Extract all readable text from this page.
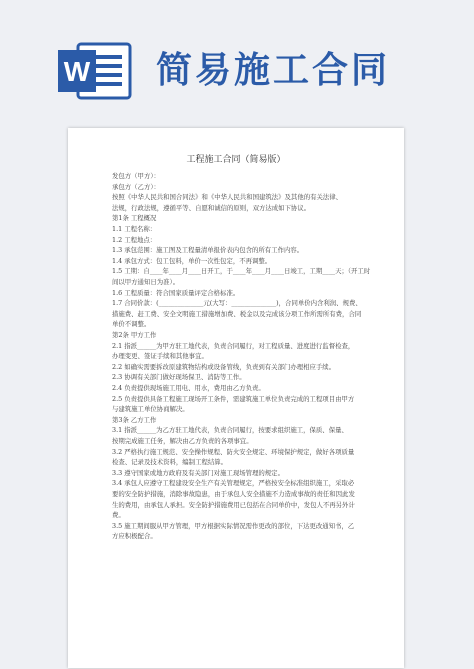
W 简易施工合同
工程施工合同（简易版）
发包方（甲方）：
承包方（乙方）：
按照《中华人民共和国合同法》和《中华人民共和国建筑法》及其他的有关法律、
法规，行政法规，遵循平等、自愿和诚信的原则，双方达成如下协议。
第1条 工程概况
1.1 工程名称：
1.2 工程地点：
1.3 承包范围：施工图及工程量清单报价表内包含的所有工作内容。
1.4 承包方式：包工包料，单价一次性包定，不再调整。
1.5 工期：自____年____月____日开工，于____年____月____日竣工，工期____天；（开工时
间以甲方通知日为准）。
1.6 工程质量：符合国家质量评定合格标准。
1.7 合同价款：(______________元(大写：______________)，合同单价内含利润、规费、
措施费、赶工费、安全文明施工措施增加费、税金以及完成该分项工作所需所有费，合同
单价不调整。
第2条 甲方工作
2.1 指派______为甲方驻工地代表，负责合同履行，对工程质量、进度进行监督检查，
办理变更、签证手续和其他事宜。
2.2 如确实需要拆改原建筑物结构或设备管线，负责到有关部门办理相应手续。
2.3 协调有关部门做好现场保卫、消防等工作。
2.4 负责提供现场施工用电、用水，费用由乙方负责。
2.5 负责提供具备工程施工现场开工条件，需建筑施工单位负责完成的工程项目由甲方
与建筑施工单位协商解决。
第3条 乙方工作
3.1 指派______为乙方驻工地代表，负责合同履行，按要求组织施工，保质、保量、
按期完成施工任务，解决由乙方负责的各项事宜。
3.2 严格执行施工规范、安全操作规程、防火安全规定、环境保护规定，做好各项质量
检查、记录及技术资料，编制工程结算。
3.3 遵守国家或地方政府及有关部门对施工现场管理的规定。
3.4 承包人应遵守工程建设安全生产有关管理规定，严格按安全标准组织施工，采取必
要的安全防护措施，消除事故隐患，由于承包人安全措施不力造成事故的责任和因此发
生的费用，由承包人承担。安全防护措施费用已包括在合同单价中，发包人不再另外计
费。
3.5 施工期间服从甲方管理，甲方根据实际情况需作更改的部位，下达更改通知书，乙
方应积极配合。
